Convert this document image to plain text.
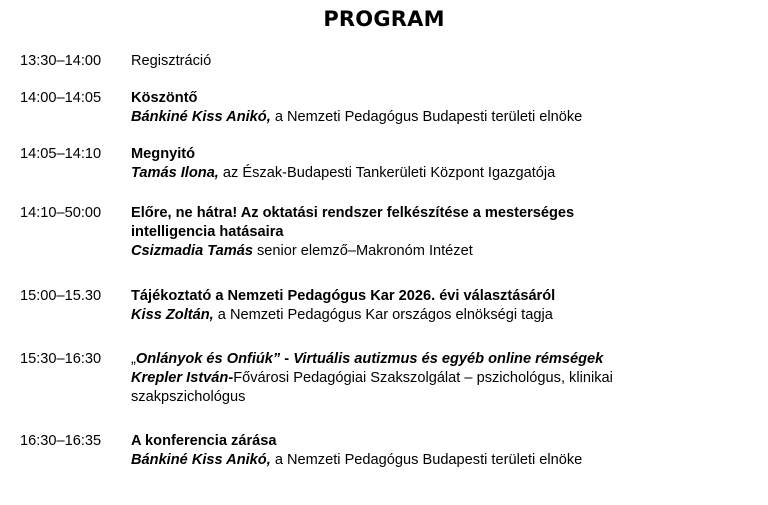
PROGRAM
13:30–14:00	Regisztráció
14:00–14:05	Köszöntő
Bánkiné Kiss Anikó, a Nemzeti Pedagógus Budapesti területi elnöke
14:05–14:10	Megnyitó
Tamás Ilona, az Észak-Budapesti Tankerületi Központ Igazgatója
14:10–50:00	Előre, ne hátra! Az oktatási rendszer felkészítése a mesterséges
intelligencia hatásaira
Csizmadia Tamás senior elemző–Makronóm Intézet
15:00–15.30	Tájékoztató a Nemzeti Pedagógus Kar 2026. évi választásáról
Kiss Zoltán, a Nemzeti Pedagógus Kar országos elnökségi tagja
15:30–16:30	„Onlányok és Onfiúk” - Virtuális autizmus és egyéb online rémségek
Krepler István-Fővárosi Pedagógiai Szakszolgálat – pszichológus, klinikai
szakpszichológus
16:30–16:35	A konferencia zárása
Bánkiné Kiss Anikó, a Nemzeti Pedagógus Budapesti területi elnöke
